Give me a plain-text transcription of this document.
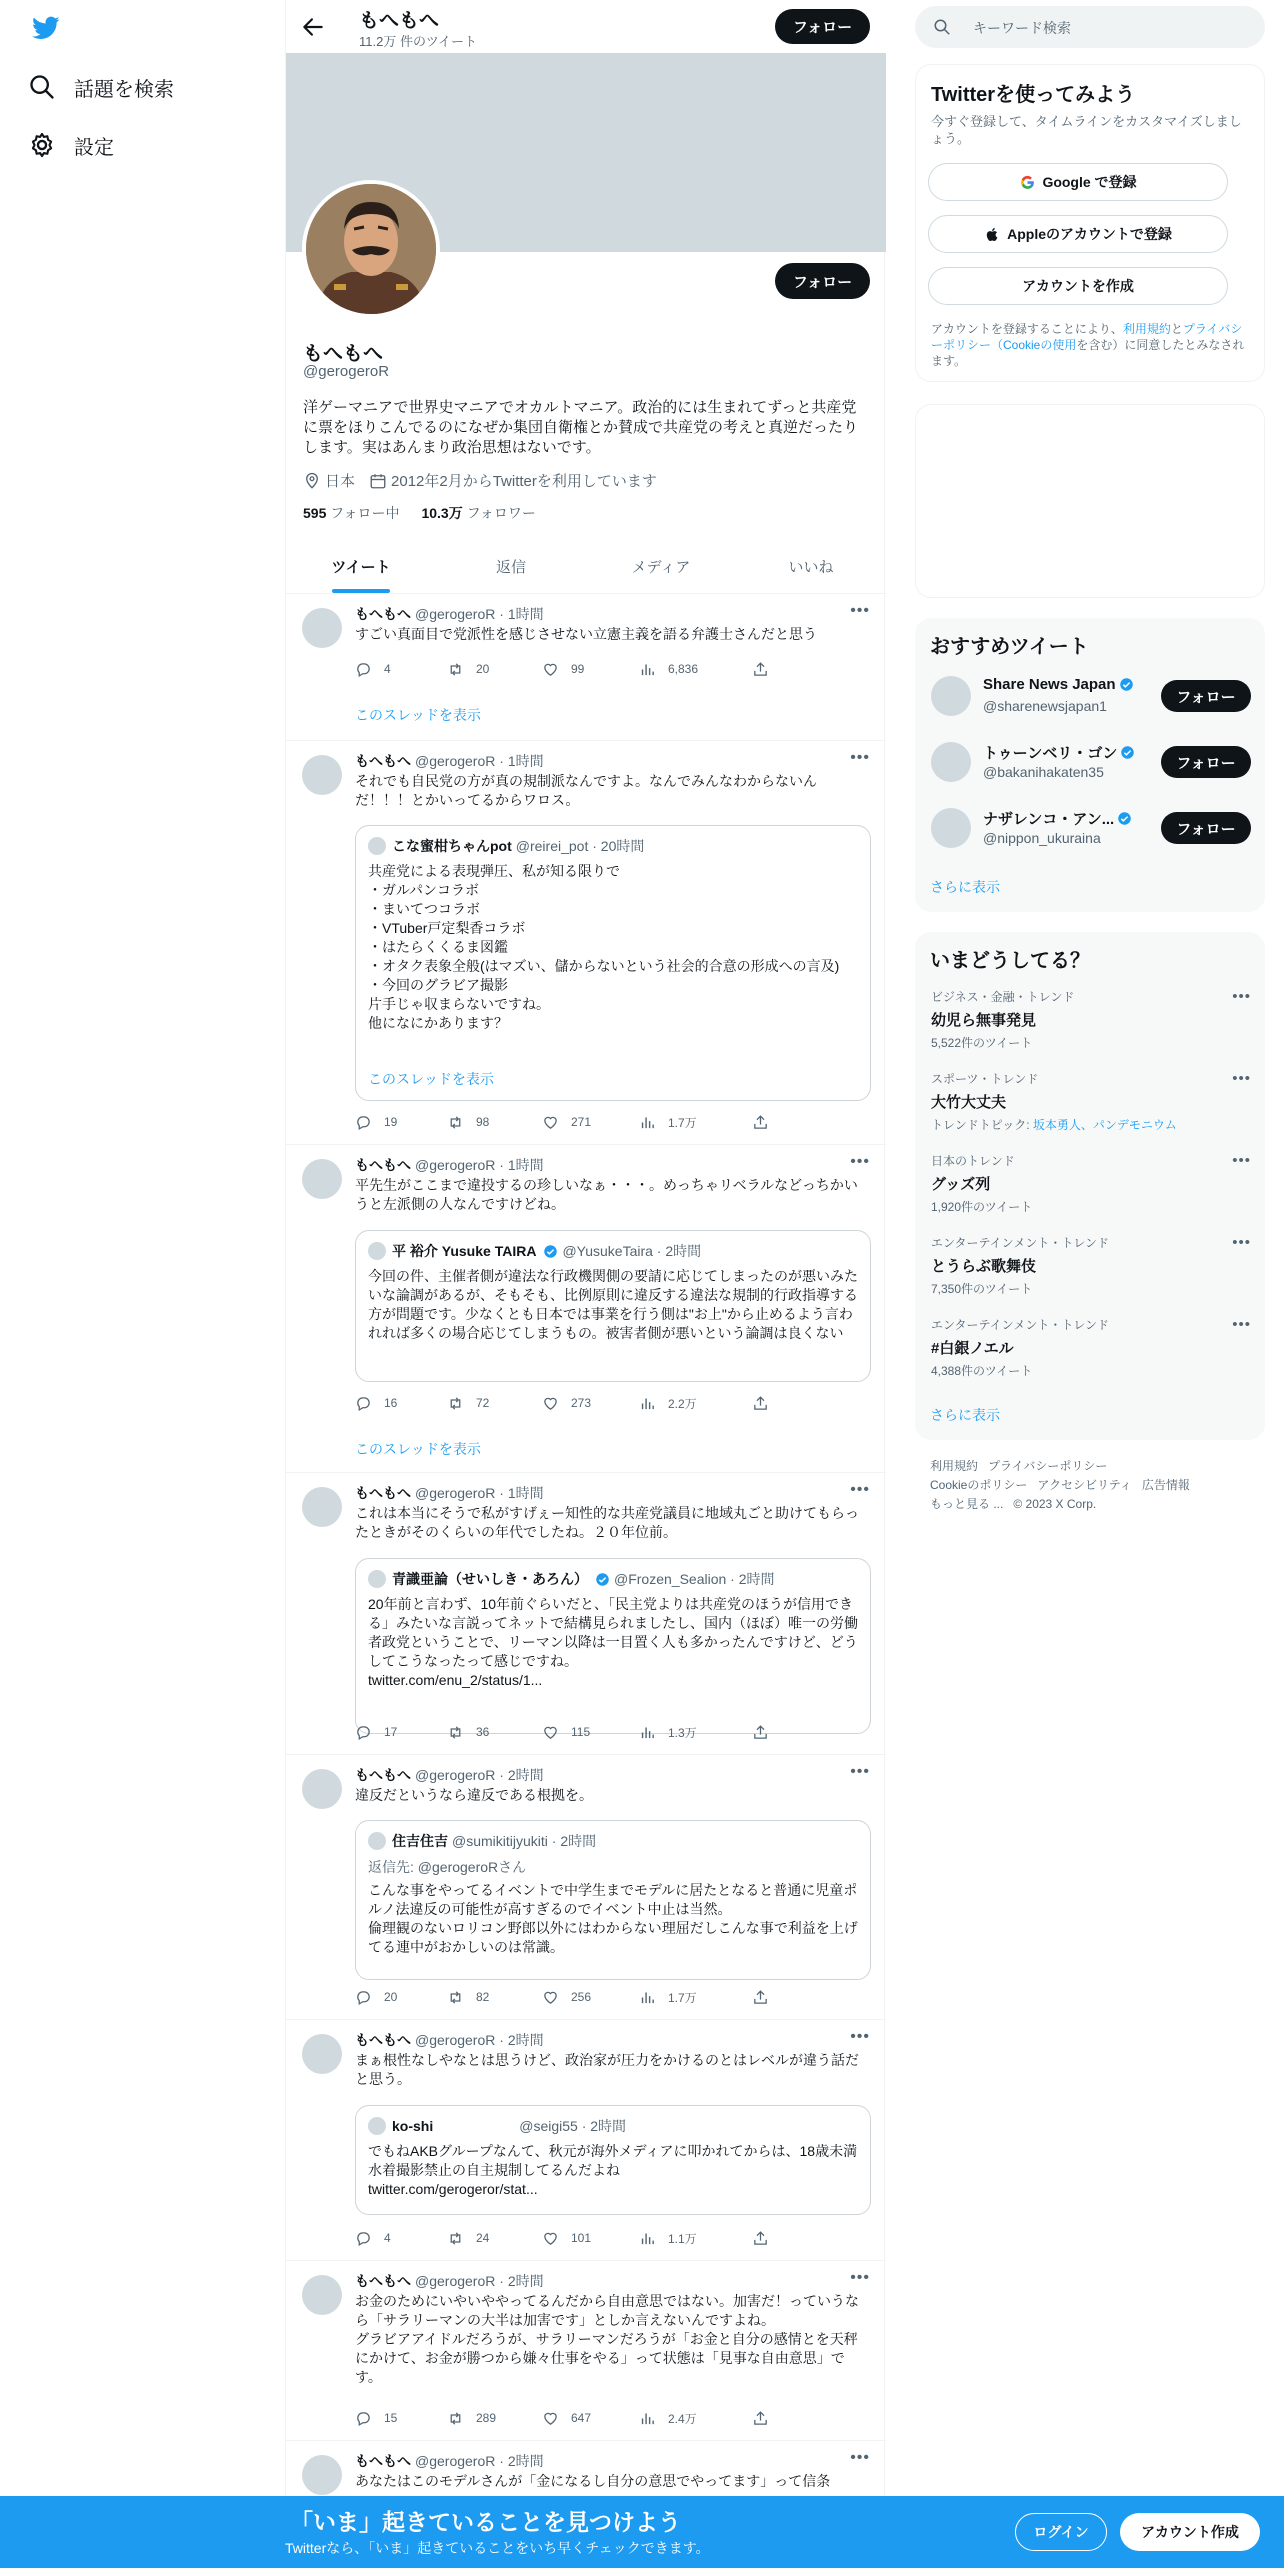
話題を検索
設定
もへもへ
11.2万 件のツイート
フォロー
フォロー
もへもへ
@gerogeroR
洋ゲーマニアで世界史マニアでオカルトマニア。政治的には生まれてずっと共産党に票をほりこんでるのになぜか集団自衛権とか賛成で共産党の考えと真逆だったりします。実はあんまり政治思想はないです。
日本 2012年2月からTwitterを利用しています
595 フォロー中 10.3万 フォロワー
ツイート	返信	メディア	いいね
もへもへ @gerogeroR · 1時間	•••
すごい真面目で党派性を感じさせない立憲主義を語る弁護士さんだと思う
4	20	99	6,836
このスレッドを表示
もへもへ @gerogeroR · 1時間	•••
それでも自民党の方が真の規制派なんですよ。なんでみんなわからないんだ！！！とかいってるからワロス。
こな蜜柑ちゃんpot @reirei_pot · 20時間
共産党による表現弾圧、私が知る限りで
・ガルパンコラボ
・まいてつコラボ
・VTuber戸定梨香コラボ
・はたらくくるま図鑑
・オタク表象全般(はマズい、儲からないという社会的合意の形成への言及)
・今回のグラビア撮影
片手じゃ収まらないですね。
他になにかあります？
このスレッドを表示
19	98	271	1.7万
もへもへ @gerogeroR · 1時間	•••
平先生がここまで違投するの珍しいなぁ・・・。めっちゃリベラルなどっちかいうと左派側の人なんですけどね。
平 裕介 Yusuke TAIRA @YusukeTaira · 2時間
今回の件、主催者側が違法な行政機関側の要請に応じてしまったのが悪いみたいな論調があるが、そもそも、比例原則に違反する違法な規制的行政指導する方が問題です。少なくとも日本では事業を行う側は"お上"から止めるよう言われれば多くの場合応じてしまうもの。被害者側が悪いという論調は良くない
16	72	273	2.2万
このスレッドを表示
もへもへ @gerogeroR · 1時間	•••
これは本当にそうで私がすげぇー知性的な共産党議員に地域丸ごと助けてもらったときがそのくらいの年代でしたね。２０年位前。
青識亜論（せいしき・あろん） @Frozen_Sealion · 2時間
20年前と言わず、10年前ぐらいだと、「民主党よりは共産党のほうが信用できる」みたいな言説ってネットで結構見られましたし、国内（ほぼ）唯一の労働者政党ということで、リーマン以降は一目置く人も多かったんですけど、どうしてこうなったって感じですね。
twitter.com/enu_2/status/1...
17	36	115	1.3万
もへもへ @gerogeroR · 2時間	•••
違反だというなら違反である根拠を。
住吉住吉 @sumikitijyukiti · 2時間
返信先: @gerogeroRさん
こんな事をやってるイベントで中学生までモデルに居たとなると普通に児童ポルノ法違反の可能性が高すぎるのでイベント中止は当然。
倫理観のないロリコン野郎以外にはわからない理屈だしこんな事で利益を上げてる連中がおかしいのは常識。
20	82	256	1.7万
もへもへ @gerogeroR · 2時間	•••
まぁ根性なしやなとは思うけど、政治家が圧力をかけるのとはレベルが違う話だと思う。
ko-shi	@seigi55 · 2時間
でもねAKBグループなんて、秋元が海外メディアに叩かれてからは、18歳未満水着撮影禁止の自主規制してるんだよね
twitter.com/gerogeror/stat...
4	24	101	1.1万
もへもへ @gerogeroR · 2時間	•••
お金のためにいやいややってるんだから自由意思ではない。加害だ！っていうなら「サラリーマンの大半は加害です」としか言えないんですよね。
グラビアアイドルだろうが、サラリーマンだろうが「お金と自分の感情とを天秤にかけて、お金が勝つから嫌々仕事をやる」って状態は「見事な自由意思」です。
15	289	647	2.4万
もへもへ @gerogeroR · 2時間	•••
あなたはこのモデルさんが「金になるし自分の意思でやってます」って信条
キーワード検索
Twitterを使ってみよう
今すぐ登録して、タイムラインをカスタマイズしましょう。
Google で登録
Appleのアカウントで登録
アカウントを作成
アカウントを登録することにより、利用規約とプライバシーポリシー（Cookieの使用を含む）に同意したとみなされます。
おすすめツイート
Share News Japan
@sharenewsjapan1
フォロー
トゥーンベリ・ゴン
@bakanihakaten35
フォロー
ナザレンコ・アン...
@nippon_ukuraina
フォロー
さらに表示
いまどうしてる？
ビジネス・金融・トレンド
幼児ら無事発見
5,522件のツイート
•••
スポーツ・トレンド
大竹大丈夫
トレンドトピック: 坂本勇人、パンデモニウム
•••
日本のトレンド
グッズ列
1,920件のツイート
•••
エンターテインメント・トレンド
とうらぶ歌舞伎
7,350件のツイート
•••
エンターテインメント・トレンド
#白銀ノエル
4,388件のツイート
•••
さらに表示
利用規約 プライバシーポリシー
Cookieのポリシー アクセシビリティ 広告情報
もっと見る ... © 2023 X Corp.
「いま」起きていることを見つけよう
Twitterなら、「いま」起きていることをいち早くチェックできます。
ログイン	アカウント作成
